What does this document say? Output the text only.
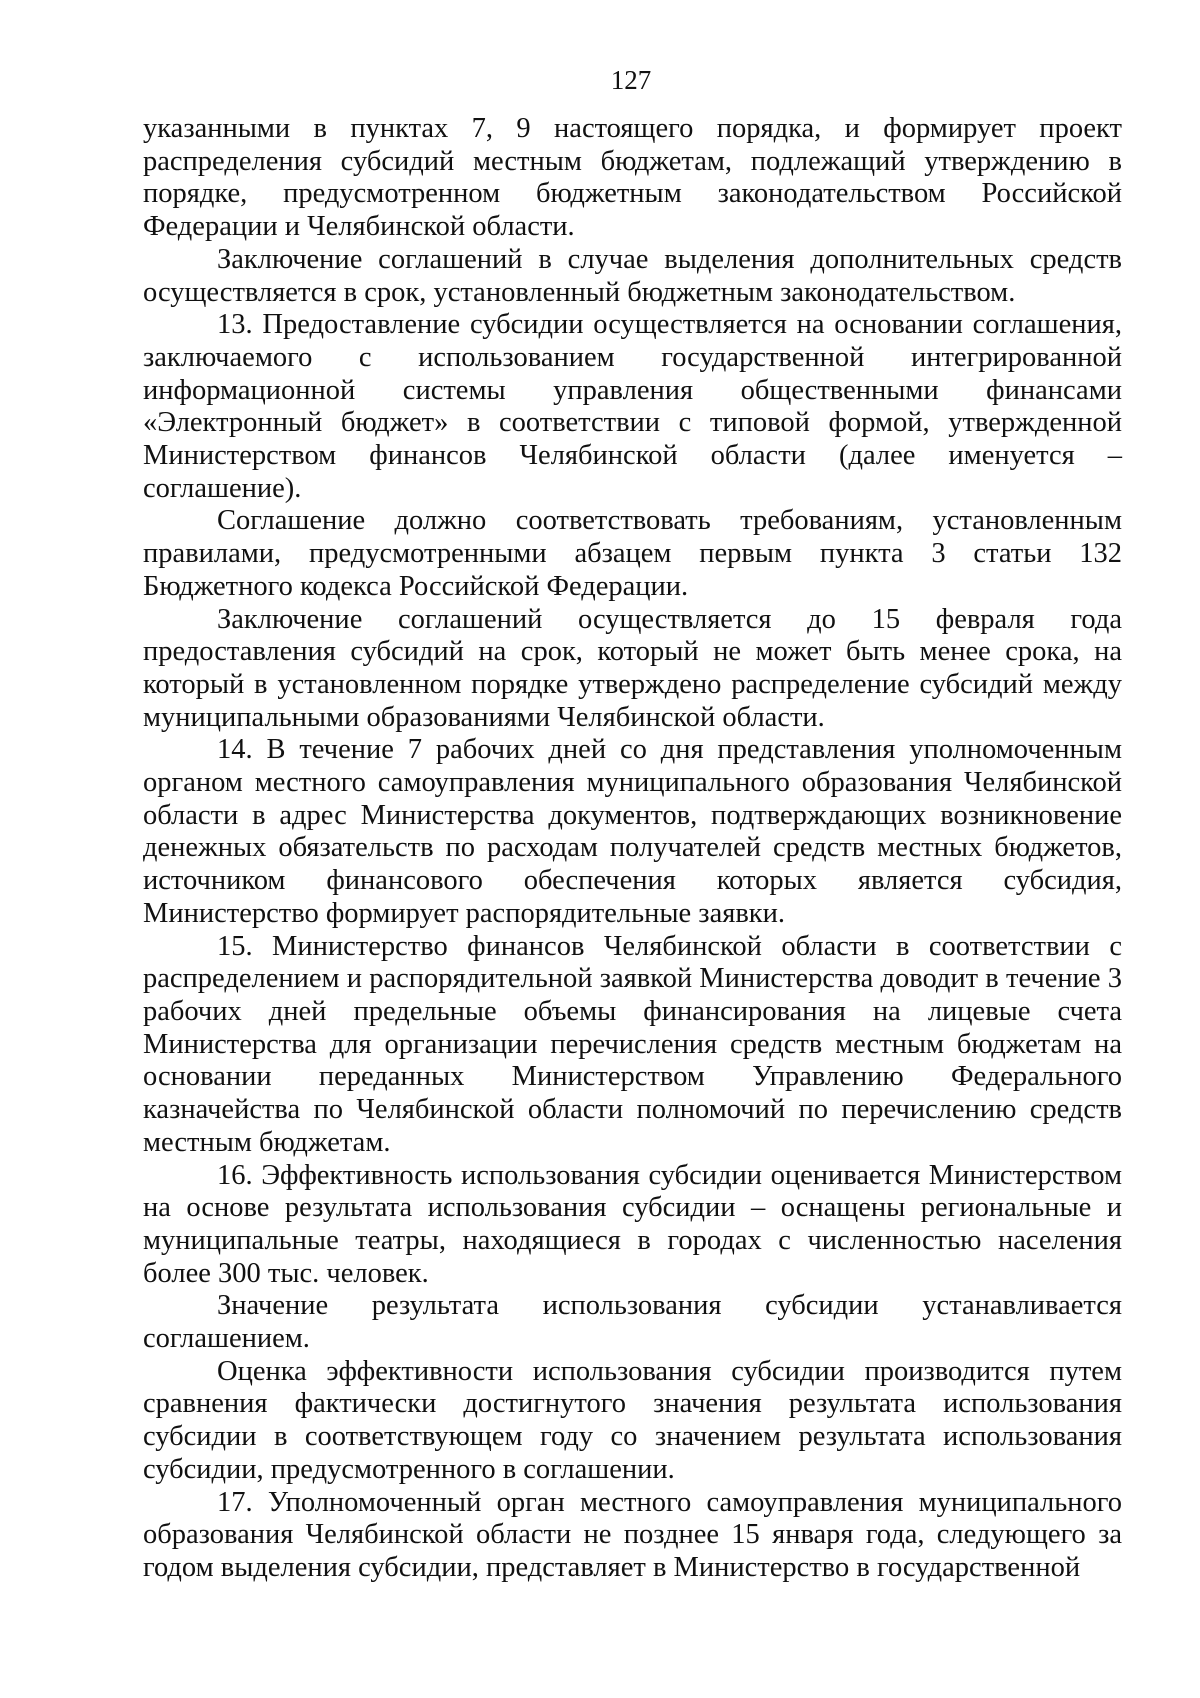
127

указанными в пунктах 7, 9 настоящего порядка, и формирует проект распределения субсидий местным бюджетам, подлежащий утверждению в порядке, предусмотренном бюджетным законодательством Российской Федерации и Челябинской области.

Заключение соглашений в случае выделения дополнительных средств осуществляется в срок, установленный бюджетным законодательством.

13. Предоставление субсидии осуществляется на основании соглашения, заключаемого с использованием государственной интегрированной информационной системы управления общественными финансами «Электронный бюджет» в соответствии с типовой формой, утвержденной Министерством финансов Челябинской области (далее именуется – соглашение).

Соглашение должно соответствовать требованиям, установленным правилами, предусмотренными абзацем первым пункта 3 статьи 132 Бюджетного кодекса Российской Федерации.

Заключение соглашений осуществляется до 15 февраля года предоставления субсидий на срок, который не может быть менее срока, на который в установленном порядке утверждено распределение субсидий между муниципальными образованиями Челябинской области.

14. В течение 7 рабочих дней со дня представления уполномоченным органом местного самоуправления муниципального образования Челябинской области в адрес Министерства документов, подтверждающих возникновение денежных обязательств по расходам получателей средств местных бюджетов, источником финансового обеспечения которых является субсидия, Министерство формирует распорядительные заявки.

15. Министерство финансов Челябинской области в соответствии с распределением и распорядительной заявкой Министерства доводит в течение 3 рабочих дней предельные объемы финансирования на лицевые счета Министерства для организации перечисления средств местным бюджетам на основании переданных Министерством Управлению Федерального казначейства по Челябинской области полномочий по перечислению средств местным бюджетам.

16. Эффективность использования субсидии оценивается Министерством на основе результата использования субсидии – оснащены региональные и муниципальные театры, находящиеся в городах с численностью населения более 300 тыс. человек.

Значение результата использования субсидии устанавливается соглашением.

Оценка эффективности использования субсидии производится путем сравнения фактически достигнутого значения результата использования субсидии в соответствующем году со значением результата использования субсидии, предусмотренного в соглашении.

17. Уполномоченный орган местного самоуправления муниципального образования Челябинской области не позднее 15 января года, следующего за годом выделения субсидии, представляет в Министерство в государственной
